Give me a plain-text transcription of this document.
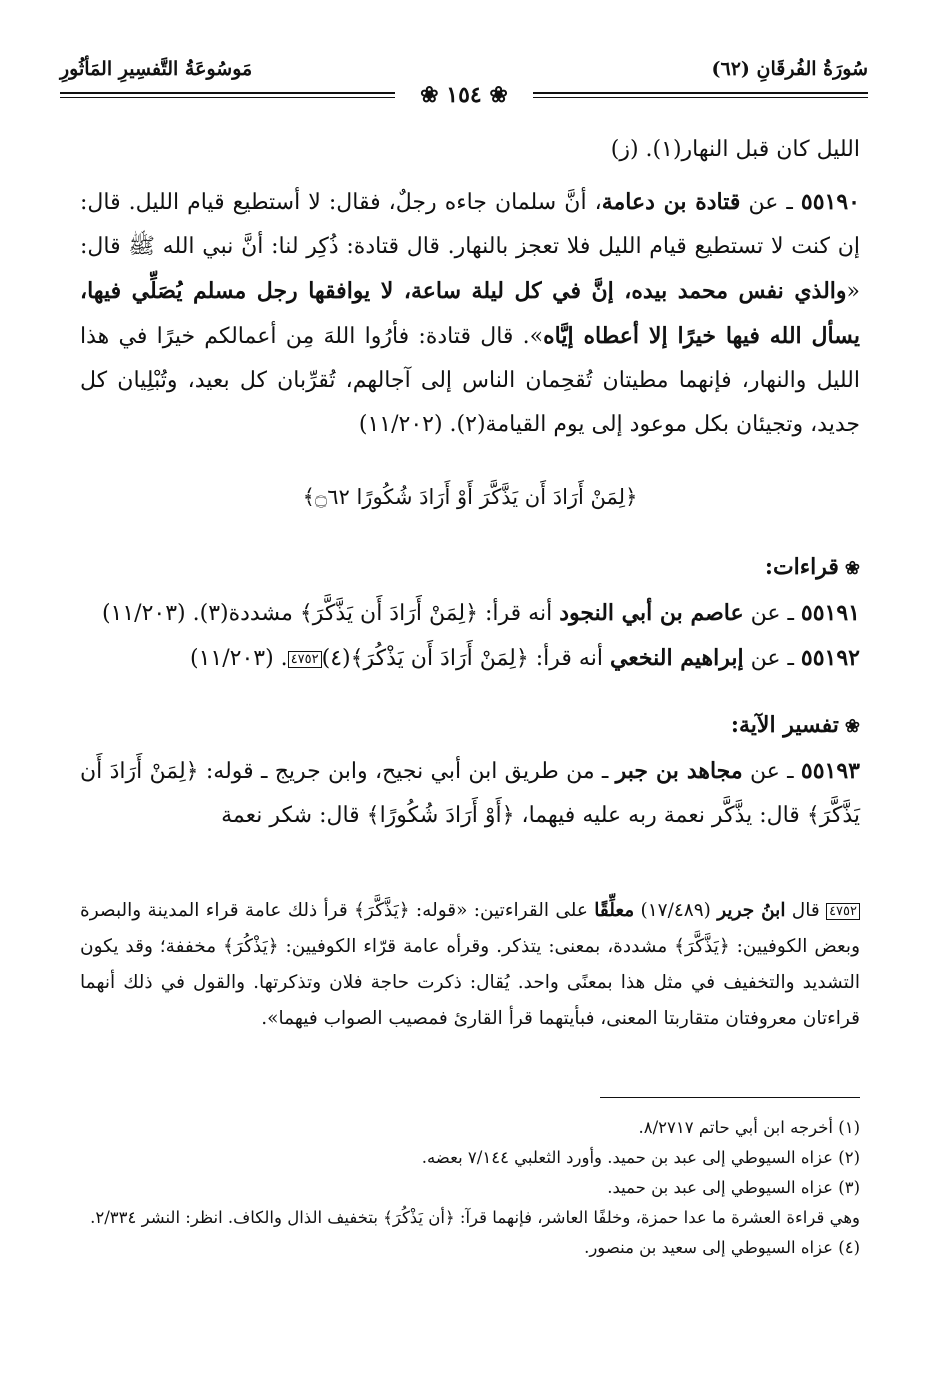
سُورَةُ الفُرقَانِ (٦٢)
مَوسُوعَةُ التَّفسِيرِ المَأثُورِ
❀ ١٥٤ ❀

الليل كان قبل النهار(١). (ز)

٥٥١٩٠ ـ عن قتادة بن دعامة، أنَّ سلمان جاءه رجلٌ، فقال: لا أستطيع قيام الليل. قال: إن كنت لا تستطيع قيام الليل فلا تعجز بالنهار. قال قتادة: ذُكِر لنا: أنَّ نبي الله ﷺ قال: «والذي نفس محمد بيده، إنَّ في كل ليلة ساعة، لا يوافقها رجل مسلم يُصَلِّي فيها، يسأل الله فيها خيرًا إلا أعطاه إيَّاه». قال قتادة: فأرُوا اللهَ مِن أعمالكم خيرًا في هذا الليل والنهار، فإنهما مطيتان تُقحِمان الناس إلى آجالهم، تُقرِّبان كل بعيد، وتُبْلِيان كل جديد، وتجيئان بكل موعود إلى يوم القيامة(٢). (١١/٢٠٢)

﴿لِمَنْ أَرَادَ أَن يَذَّكَّرَ أَوْ أَرَادَ شُكُورًا ۝٦٢﴾

❀قراءات:

٥٥١٩١ ـ عن عاصم بن أبي النجود أنه قرأ: ﴿لِمَنْ أَرَادَ أَن يَذَّكَّرَ﴾ مشددة(٣). (١١/٢٠٣)

٥٥١٩٢ ـ عن إبراهيم النخعي أنه قرأ: ﴿لِمَنْ أَرَادَ أَن يَذْكُرَ﴾(٤)٤٧٥٢. (١١/٢٠٣)

❀تفسير الآية:

٥٥١٩٣ ـ عن مجاهد بن جبر ـ من طريق ابن أبي نجيح، وابن جريج ـ قوله: ﴿لِمَنْ أَرَادَ أَن يَذَّكَّرَ﴾ قال: يذَّكَّر نعمة ربه عليه فيهما، ﴿أَوْ أَرَادَ شُكُورًا﴾ قال: شكر نعمة

٤٧٥٢ قال ابنُ جرير (١٧/٤٨٩) معلِّقًا على القراءتين: «قوله: ﴿يَذَّكَّرَ﴾ قرأ ذلك عامة قراء المدينة والبصرة وبعض الكوفيين: ﴿يَذَّكَّرَ﴾ مشددة، بمعنى: يتذكر. وقرأه عامة قرّاء الكوفيين: ﴿يَذْكُرَ﴾ مخففة؛ وقد يكون التشديد والتخفيف في مثل هذا بمعنًى واحد. يُقال: ذكرت حاجة فلان وتذكرتها. والقول في ذلك أنهما قراءتان معروفتان متقاربتا المعنى، فبأيتهما قرأ القارئ فمصيب الصواب فيهما».

(١) أخرجه ابن أبي حاتم ٨/٢٧١٧.

(٢) عزاه السيوطي إلى عبد بن حميد. وأورد الثعلبي ٧/١٤٤ بعضه.

(٣) عزاه السيوطي إلى عبد بن حميد.

وهي قراءة العشرة ما عدا حمزة، وخلفًا العاشر، فإنهما قرآ: ﴿أن يَذْكُرَ﴾ بتخفيف الذال والكاف. انظر: النشر ٢/٣٣٤.

(٤) عزاه السيوطي إلى سعيد بن منصور.
